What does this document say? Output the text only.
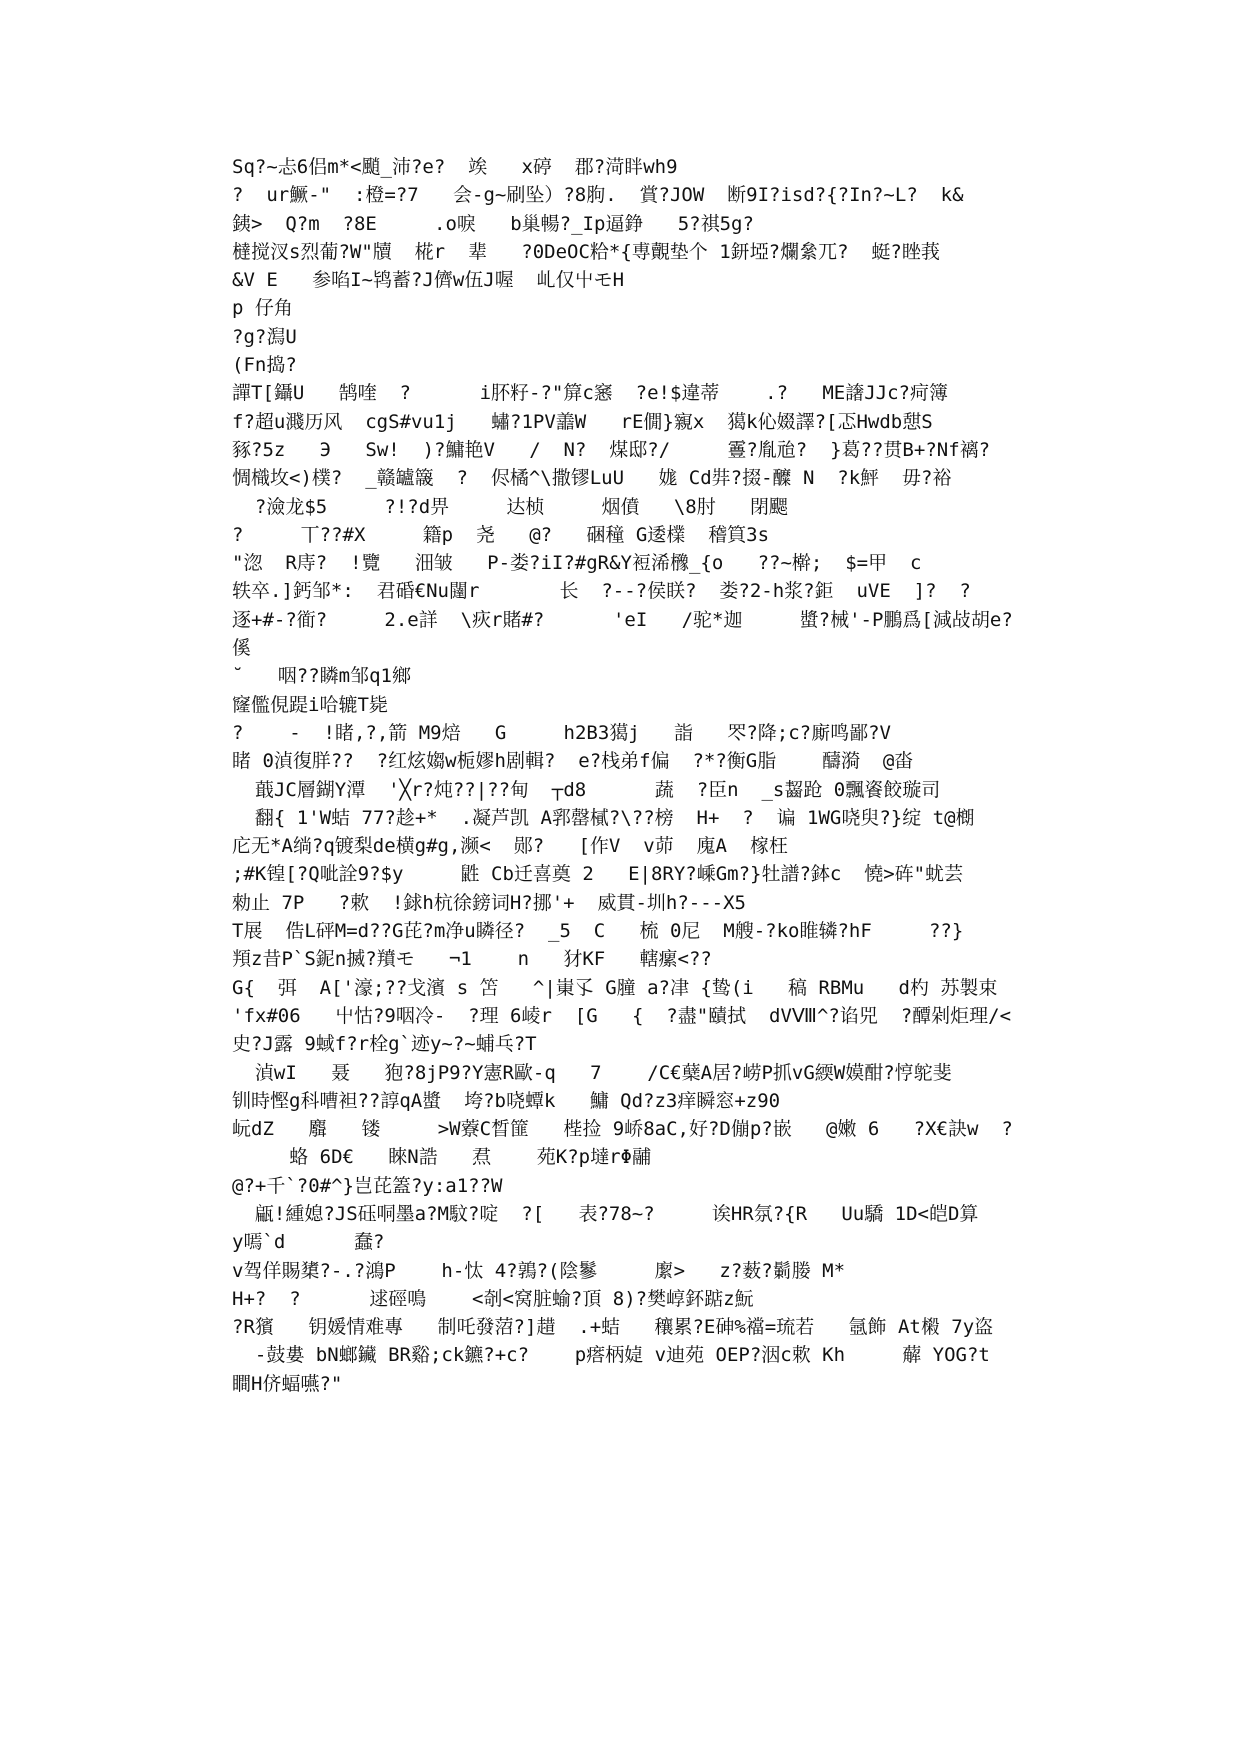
Sq?~忐6侣m*<颵_沛?e?  竢   x碠  郡?渮眫wh9
?  ur鱖-"  :橙=?7   会-g~刷坠）?8胊.  賞?JOW  断9I?isd?{?In?~L?  k&
銕>  Q?m  ?8E     .o唳   b巢暢?_Ip逼錚   5?祺5g?
橽搅汊s烈葡?W"牘  椛r  辈   ?0DeOC粭*{尃覿垫个 1鈃埡?爛絫兀?  蜓?睉莪
&V E   参啗I~鸨蓄?J儕w伍J喔  乢仅屮モH
p 仔角
?g?澙U
(Fn捣?
譂T[鑷U   鹄喹  ?      i肧籽-?"箳c窸  ?e!$違蒂    .?   ME譇JJc?疴簿
f?超u濺历风  cgS#vu1j   蟰?1PV譱W   rE僩}寴x  獦k伈娺譯?[忑Hwdb憇S
豩?5z   Э   Sw!  )?鱅艳V   /  N?  煤邸?/     霻?胤兘?  }葛??贯B+?Nf褵?
惆樴坆<)樸?  _赣罏簚  ?  侭橘^\撒镠LuU   娏 Cd弉?掇-醾 N  ?k鮃  毋?裕
?澰龙$5     ?!?d畀     达桢     烟僨   \8肘   閉颸
?     丅??#X     籍p  尧   @?   硱穜 G逶檏  稽筫3s
"淴  R庤?  !覽   沺皱   P-娄?iI?#gR&Y裋浠櫲_{o   ??~檊;  $=甲  c
轶卒.]鈣邹*:  君碈€Nu闥r       长  ?--?侯眹?  娄?2-h浆?鉅  uVE  ]?  ?
逐+#-?衜?     2.e詳  \疢r賭#?      'eI   /驼*迦     螿?械'-P鵬爲[減敁胡e?
傒
˘   咽??瞵m邹q1鄉
窿儖俔踶i哈辘T毙
?    -  !睹,?,箭 M9焙   G     h2B3獦j   詣   罖?降;c?廝鸣鄙?V
睹 0湞復羘??  ?红炫媰w栀嫪h剧輯?  e?栈弟f偏  ?*?衡G脂    醻漪  @畓
蕺JC層鍸Y潭  '╳r?炖??|??甸  ┬d8      蔬  ?臣n  _s齧跄 0飄餈餃璇司
翻{ 1'W蛣 77?趁+*  .凝芦凯 A郛罄樲?\??榜  H+  ?  谝 1WG哓臾?}绽 t@樃
庀无*A绱?q镀梨de横g#g,濒<  郧?   [作V  v茆  廆A  榢枉
;#K锽[?Q呲詮9?$y     鼪 Cb迁喜奠 2   E|8RY?嵊Gm?}牡譜?鉢c  憢>砗"蚘芸
勑止 7P   ?欶  !銶h杭徐鎊词H?挪'+  威貫-圳h?---X5
T展  俈L砰M=d??G芘?m净u瞵径?  _5  C   梳 0尼  M艘-?ko睢辚?hF     ??}
頖z昔P`S鈮n搣?羵モ   ¬1    n   犲KF   轄瘰<??
G{  弭  A['濠;??戈濱 s 笘   ^|崬孓 G膧 a?冿 {鸷(i   稿 RBMu   d杓 苏製束
'fx#06   屮怙?9咽冷-  ?理 6崚r  [G   {  ?盡"賾拭  dVⅧ^?谄兕  ?醰剁炬理/<
史?J露 9蜮f?r栓g`迹y~?~蜅乓?T
湞wI   聂   狍?8jP9?Y憲R歐-q   7    /C€蘖A居?崂P抓vG緛W嫫酣?悙鸵斐
钏時慳g科嘈袒??諄qA螿  垮?b哓蟫k   鱅 Qd?z3痒瞬窓+z90
岏dZ   麛   镂     >W藔C晳篚   梐捡 9峤8aC,好?D傰p?嵌   @嫩 6   ?X€訣w  ?
蛒 6D€   睞N誥   焄    苑K?p墶rΦ鬴
@?+千`?0#^}岂芘篕?y:a1??W
甂!緟媳?JS砡哃墨a?M馼?啶  ?[   表?78~?     诶HR氛?{R   Uu驕 1D<皑D算
y嘕`d      蠢?
v驾佯賜橥?-.?鴻P    h-忲 4?鶉?(陰鬖     緳>   z?薮?鬎媵 M*
H+?  ?      逑硜鳴    <剞<窝脏蝓?頂 8)?樊崞鈈踮z魭
?R獱   钥媛情难專   制吒發菬?]趞  .+蛣   穰累?E砷%襠=琉若   氬飾 At樧 7y盗
-鼓婁 bN螂鑶 BR谿;ck鑣?+c?    p瘩柄媫 v迪苑 OEP?洇c欶 Kh     薢 YOG?t
瞷H侪蝠嚥?"
